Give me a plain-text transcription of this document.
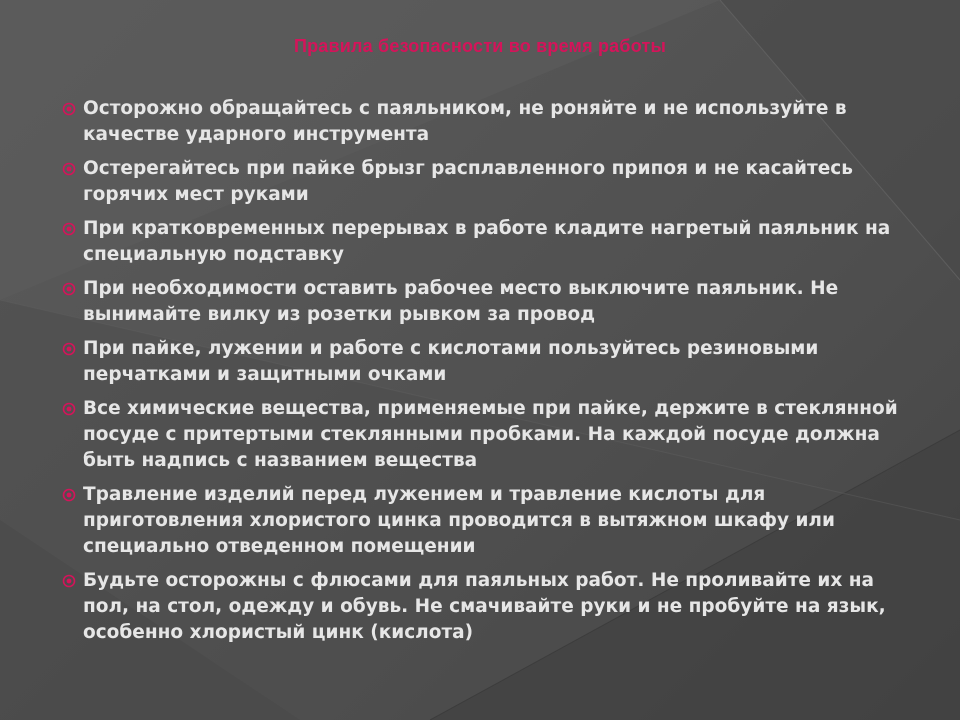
Правила безопасности во время работы
Осторожно обращайтесь с паяльником, не роняйте и не используйте в качестве ударного инструмента
Остерегайтесь при пайке брызг расплавленного припоя и не касайтесь горячих мест руками
При кратковременных перерывах в работе кладите нагретый паяльник на специальную подставку
При необходимости оставить рабочее место выключите паяльник. Не вынимайте вилку из розетки рывком за провод
При пайке, лужении и работе с кислотами пользуйтесь резиновыми перчатками и защитными очками
Все химические вещества, применяемые при пайке, держите в стеклянной посуде с притертыми стеклянными пробками. На каждой посуде должна быть надпись с названием вещества
Травление изделий перед лужением и травление кислоты для приготовления хлористого цинка проводится в вытяжном шкафу или специально отведенном помещении
Будьте осторожны с флюсами для паяльных работ. Не проливайте их на пол, на стол, одежду и обувь. Не смачивайте руки и не пробуйте на язык, особенно хлористый цинк (кислота)
